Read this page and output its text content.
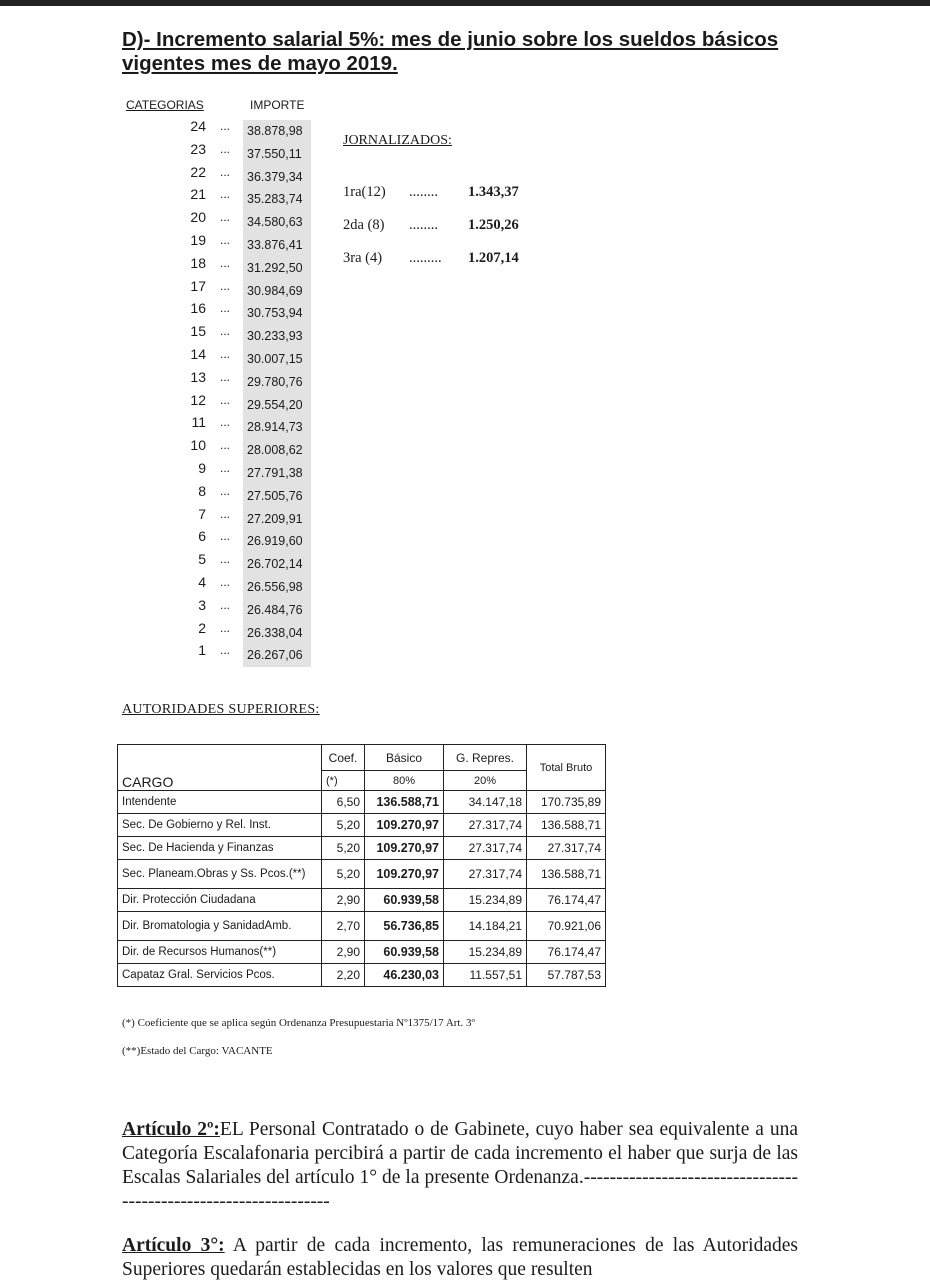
D)- Incremento salarial 5%: mes de junio sobre los sueldos básicos
vigentes mes de mayo 2019.
CATEGORIAS	IMPORTE
24 ...	38.878,98
23 ...	37.550,11
22 ...	36.379,34
21 ...	35.283,74
20 ...	34.580,63
19 ...	33.876,41
18 ...	31.292,50
17 ...	30.984,69
16 ...	30.753,94
15 ...	30.233,93
14 ...	30.007,15
13 ...	29.780,76
12 ...	29.554,20
11 ...	28.914,73
10 ...	28.008,62
9 ...	27.791,38
8 ...	27.505,76
7 ...	27.209,91
6 ...	26.919,60
5 ...	26.702,14
4 ...	26.556,98
3 ...	26.484,76
2 ...	26.338,04
1 ...	26.267,06
JORNALIZADOS:
1ra(12) ........ 1.343,37
2da (8) ........ 1.250,26
3ra (4) ......... 1.207,14
AUTORIDADES SUPERIORES:
CARGO	Coef.	Básico	G. Repres.	Total Bruto
	(*)	80%	20%	
Intendente	6,50	136.588,71	34.147,18	170.735,89
Sec. De Gobierno y Rel. Inst.	5,20	109.270,97	27.317,74	136.588,71
Sec. De Hacienda y Finanzas	5,20	109.270,97	27.317,74	27.317,74
Sec. Planeam.Obras y Ss. Pcos.(**)	5,20	109.270,97	27.317,74	136.588,71
Dir. Protección Ciudadana	2,90	60.939,58	15.234,89	76.174,47
Dir. Bromatologia y SanidadAmb.	2,70	56.736,85	14.184,21	70.921,06
Dir. de Recursos Humanos(**)	2,90	60.939,58	15.234,89	76.174,47
Capataz Gral. Servicios Pcos.	2,20	46.230,03	11.557,51	57.787,53
(*) Coeficiente que se aplica según Ordenanza Presupuestaria Nº1375/17 Art. 3º
(**)Estado del Cargo: VACANTE
Artículo 2º:EL Personal Contratado o de Gabinete, cuyo haber sea equivalente a una Categoría Escalafonaria percibirá a partir de cada incremento el haber que surja de las Escalas Salariales del artículo 1° de la presente Ordenanza.-----------------------------------------------------------------
Artículo 3°: A partir de cada incremento, las remuneraciones de las Autoridades Superiores quedarán establecidas en los valores que resulten
